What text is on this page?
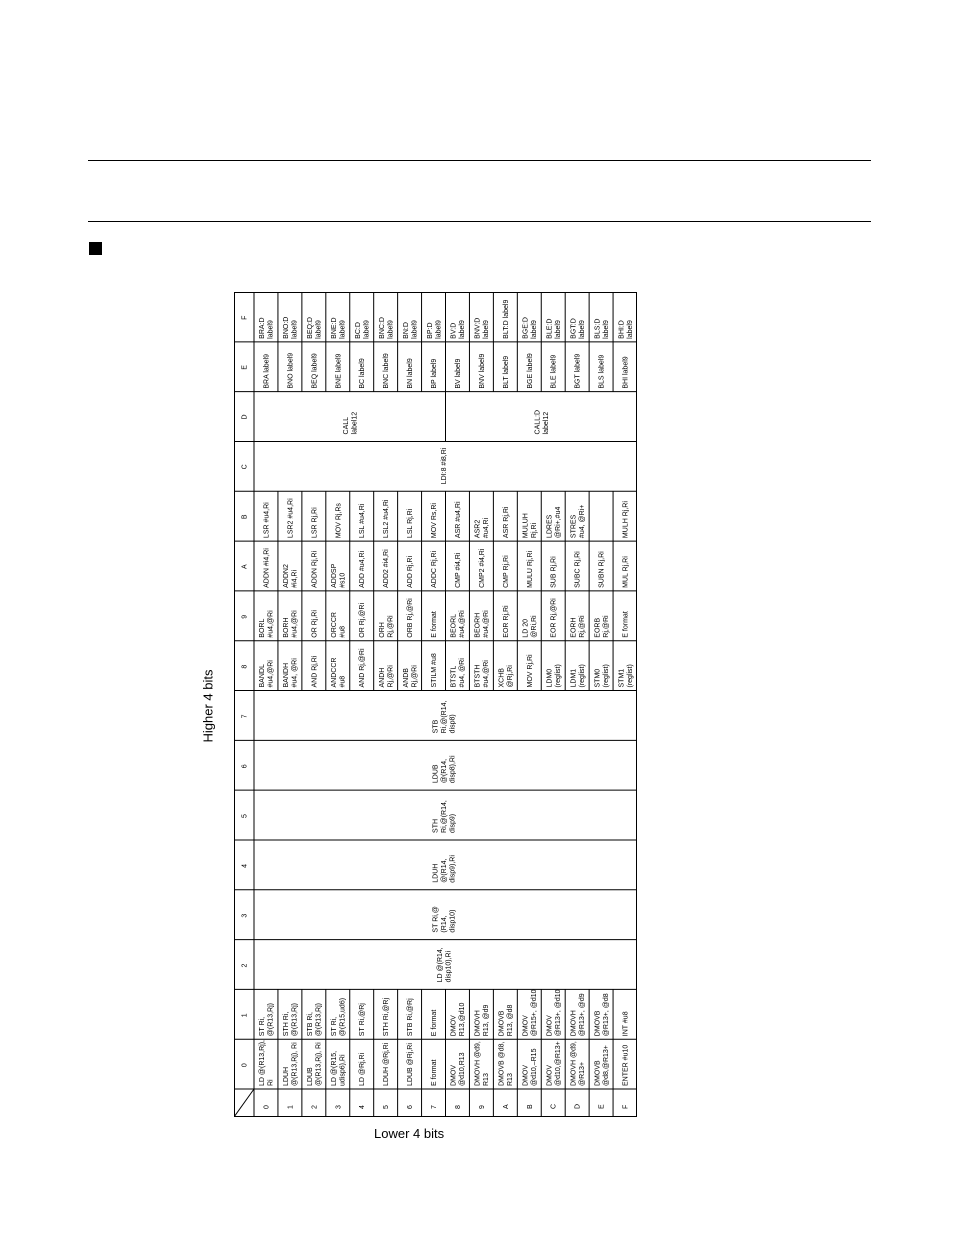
Higher 4 bits
Lower 4 bits
0 1 2 3 4 5 6 7 8 9 A B C D E F
F
E
D
C
B
A
9
8
7
6
5
4
3
2
1
0
BRA:D label9 BNO:D label9 BEQ:D label9 BNE:D label9 BC:D label9 BNC:D label9 BN:D label9 BP:D label9 BV:D label9 BNV:D label9 BLT:D label9 BGE:D label9 BLE:D label9 BGT:D label9 BLS:D label9 BHI:D label9
BRA label9 BNO label9 BEQ label9 BNE label9 BC label9 BNC label9 BN label9 BP label9 BV label9 BNV label9 BLT label9 BGE label9 BLE label9 BGT label9 BLS label9 BHI label9
LSR #u4,Ri LSR2 #u4,Ri LSR Rj,Ri MOV Rj,Rs LSL #u4,Ri LSL2 #u4,Ri LSL Rj,Ri MOV Rs,Ri ASR #u4,Ri ASR2 #u4,Ri ASR Rj,Ri MULUH Rj,Ri LDRES @Ri+,#u4 STRES #u4, @Ri+	MULH Rj,Ri
ADDN #i4,Ri ADDN2 #i4,Ri ADDN Rj,Ri ADDSP #s10 ADD #u4,Ri ADD2 #i4,Ri ADD Rj,Ri ADDC Rj,Ri CMP #i4,Ri CMP2 #i4,Ri CMP Rj,Ri MULU Rj,Ri SUB Rj,Ri SUBC Rj,Ri SUBN Rj,Ri MUL Rj,Ri
BORL #u4,@Ri BORH #u4,@Ri OR Rj,Ri ORCCR #u8 OR Rj,@Ri ORH Rj,@Ri ORB Rj,@Ri E format BEORL #u4,@Ri BEORH #u4,@Ri EOR Rj,Ri LD 20 @Ri,Ri EOR Rj,@Ri EORH Rj,@Ri EORB Rj,@Ri E format
BANDL #u4,@Ri BANDH #u4, @Ri AND Rj,Ri ANDCCR #u8 AND Rj,@Ri ANDH Rj,@Ri ANDB Rj,@Ri STILM #u8 BTSTL #u4, @Ri BTSTH #u4,@Ri XCHB @Rj,Ri MOV Rj,Ri LDM0 (reglist) LDM1 (reglist) STM0 (reglist) STM1 (reglist)
ST Ri, @(R13,Rj) STH Ri, @(R13,Rj) STB Ri, @(R13,Rj) ST Ri, @(R15,ud6) ST Ri,@Rj STH Ri,@Rj STB Ri,@Rj E format DMOV R13,@d10 DMOVH R13, @d9 DMOVB R13, @d8 DMOV @R15+, @d10 DMOV @R13+, @d10 DMOVH @R13+, @d9 DMOVB @R13+, @d8 INT #u8
LD @(R13,Rj), Ri LDUH @(R13,Rj), Ri LDUB @(R13,Rj), Ri LD @(R15, udisp6),Ri LD @Rj,Ri LDUH @Rj,Ri LDUB @Rj,Ri E format DMOV @d10,R13 DMOVH @d9, R13 DMOVB @d8, R13 DMOV @d10,–R15 DMOV @d10,@R13+ DMOVH @d9, @R13+ DMOVB @d8,@R13+ ENTER #u10
LD @(R14, disp10),Ri
ST Ri,@ (R14, disp10)
LDUH @(R14, disp9),Ri
STH Ri,@(R14, disp9)
LDUB @(R14, disp8),Ri
STB Ri,@(R14, disp8)
LDI:8 #i8,Ri
CALL label12	CALL:D label12
